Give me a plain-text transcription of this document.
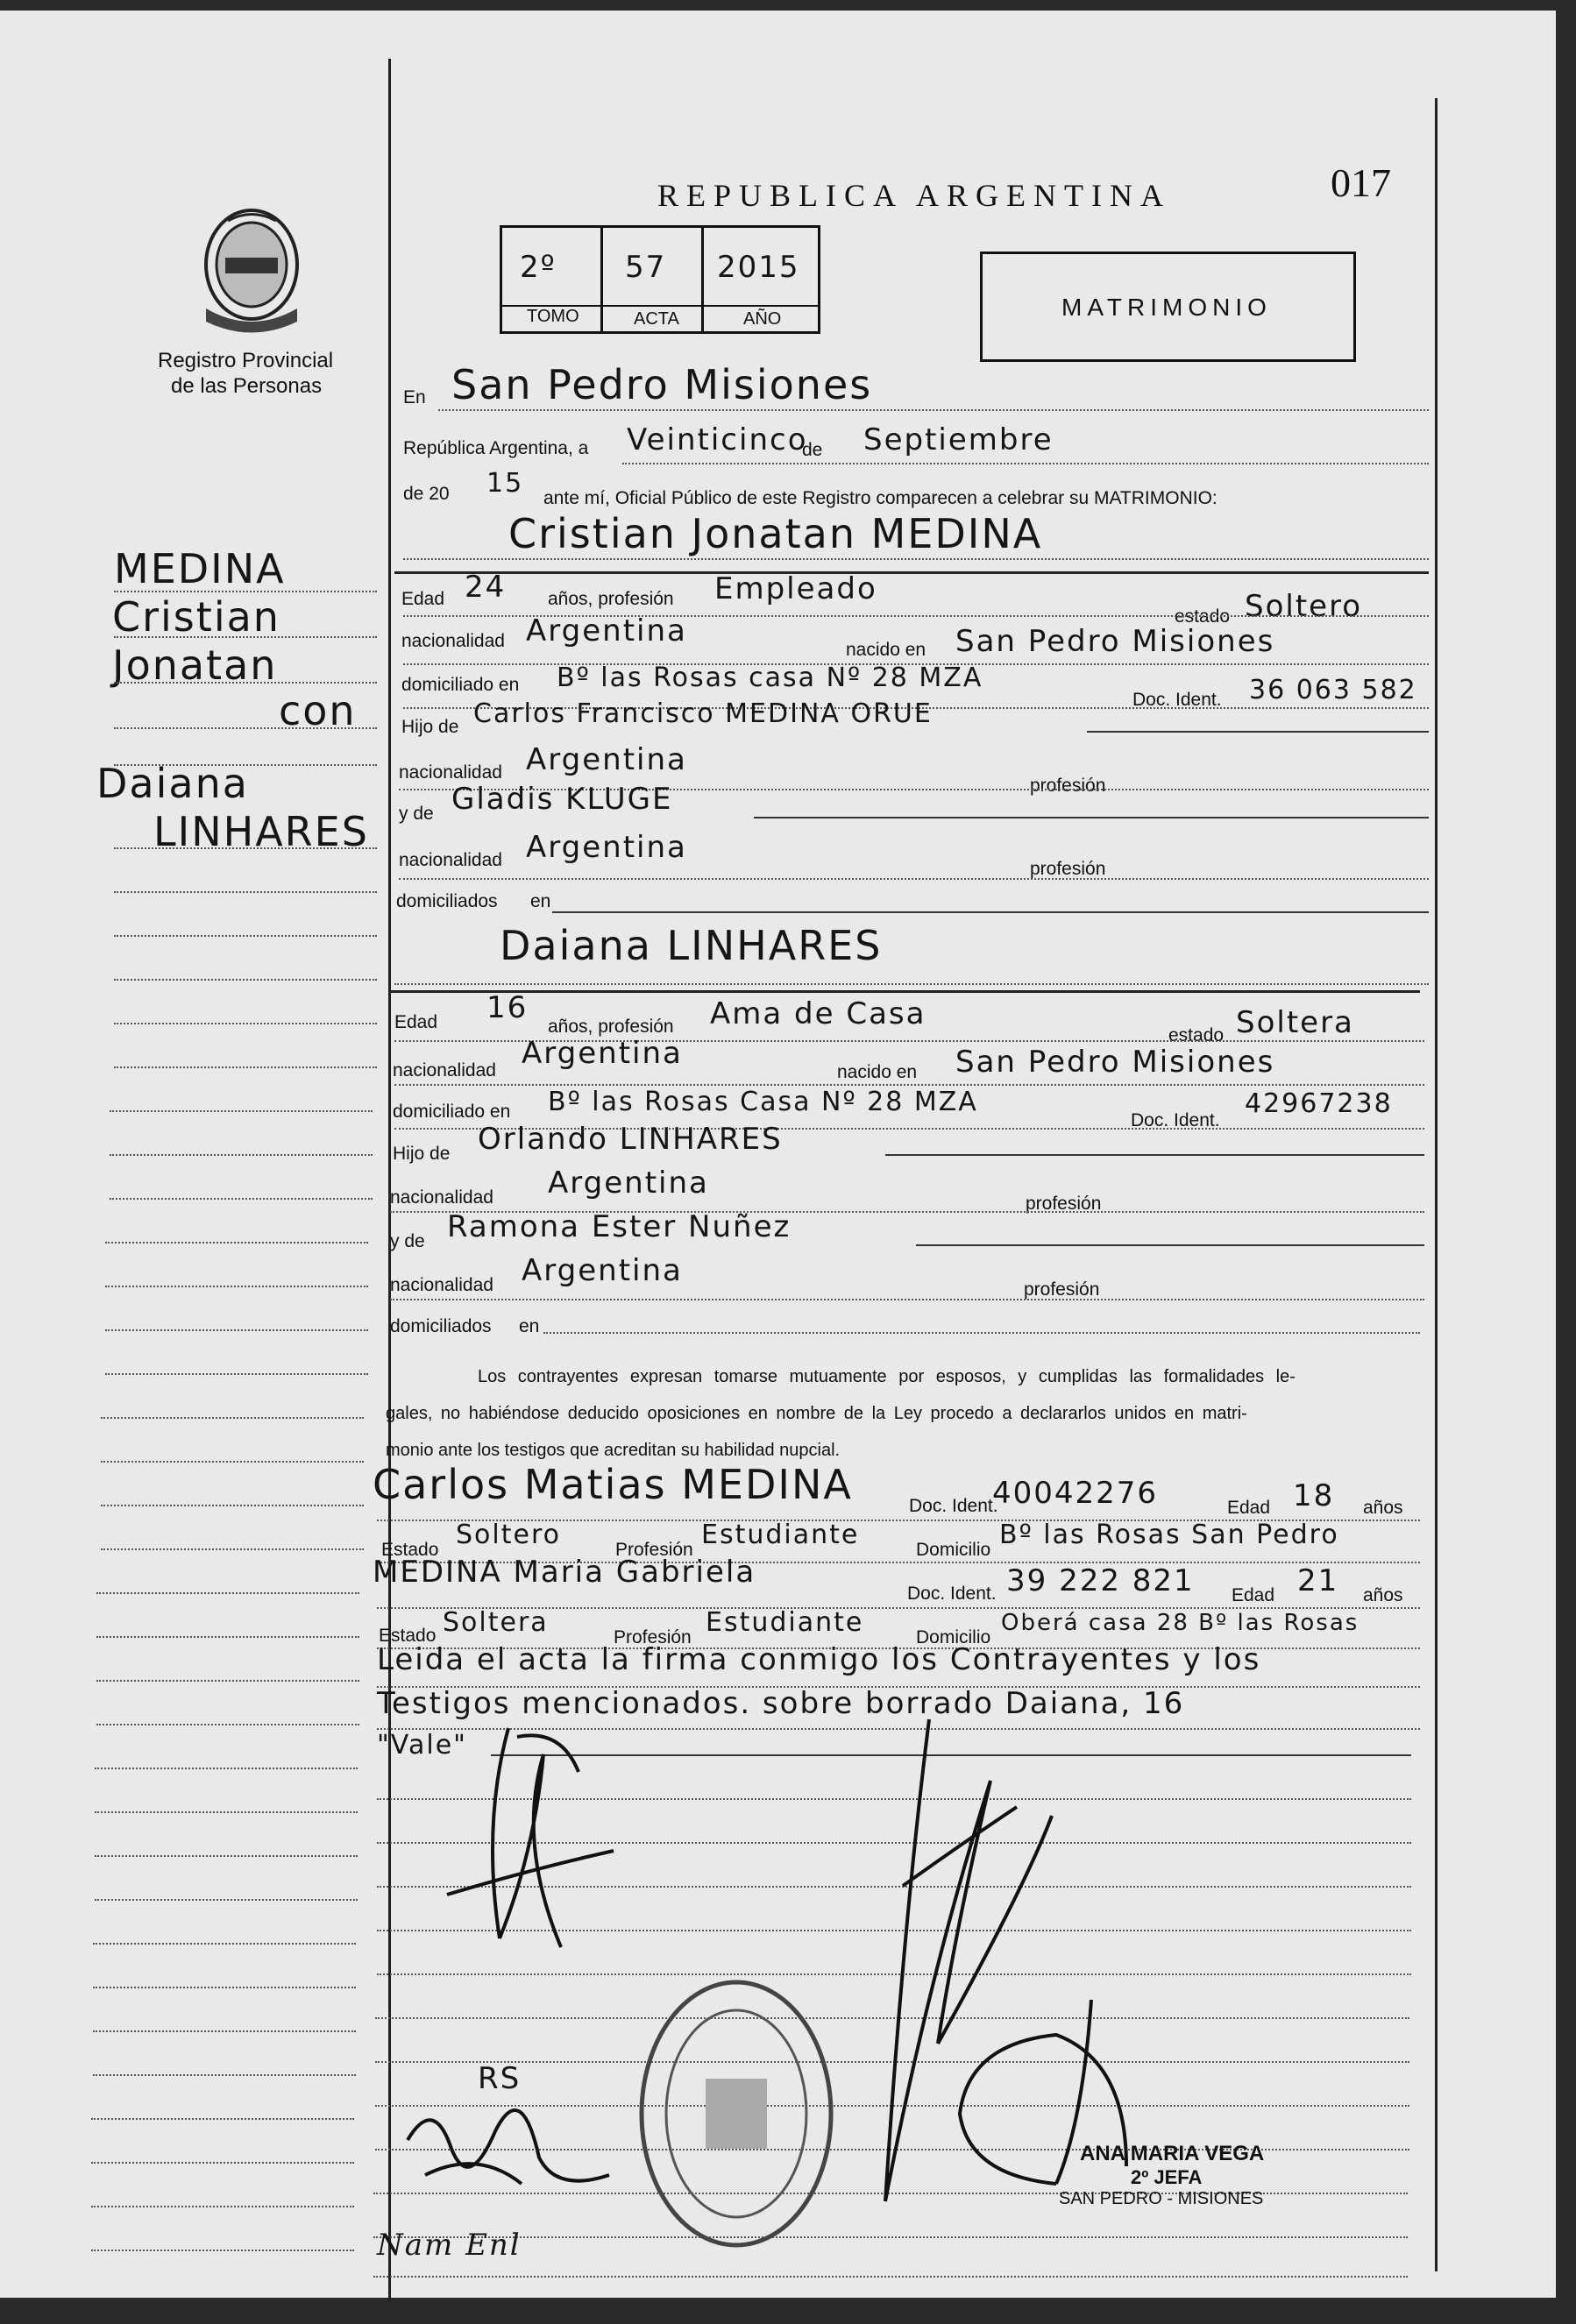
Registro Provincial
de las Personas
REPUBLICA ARGENTINA	017
2º 57 2015
TOMO	ACTA	AÑO	MATRIMONIO
MEDINA
Cristian
Jonatan
con
Daiana
LINHARES
En San Pedro Misiones
República Argentina, a Veinticinco
de Septiembre
de 20 15 ante mí, Oficial Público de este Registro comparecen a celebrar su MATRIMONIO:
Cristian Jonatan MEDINA
Edad 24 años, profesión Empleado
estado Soltero
nacionalidad Argentina
nacido en San Pedro Misiones
domiciliado en Bº las Rosas casa Nº 28 MZA
Doc. Ident. 36 063 582
Hijo de Carlos Francisco MEDINA ORUE
nacionalidad Argentina
profesión
y de Gladis KLUGE
nacionalidad Argentina
profesión
domiciliados en
Daiana LINHARES
Edad 16
años, profesión Ama de Casa
estado Soltera
nacionalidad Argentina
nacido en San Pedro Misiones
domiciliado en Bº las Rosas Casa Nº 28 MZA
Doc. Ident.
42967238
Hijo de Orlando LINHARES
nacionalidad Argentina
profesión
y de Ramona Ester Nuñez
nacionalidad Argentina
profesión
domiciliados en
Los contrayentes expresan tomarse mutuamente por esposos, y cumplidas las formalidades le-
gales, no habiéndose deducido oposiciones en nombre de la Ley procedo a declararlos unidos en matri-
monio ante los testigos que acreditan su habilidad nupcial.
Carlos Matias MEDINA	Doc. Ident.
40042276	Edad 18 años
Estado Soltero	Profesión Estudiante	Domicilio Bº las Rosas San Pedro
MEDINA Maria Gabriela
Doc. Ident. 39 222 821 Edad 21 años
Estado Soltera	Profesión Estudiante	Domicilio
Oberá casa 28 Bº las Rosas
Leida el acta la firma conmigo los Contrayentes y los
Testigos mencionados. sobre borrado Daiana, 16
"Vale"
RS
Nam Enl
ANA MARIA VEGA
2º JEFA
SAN PEDRO - MISIONES
